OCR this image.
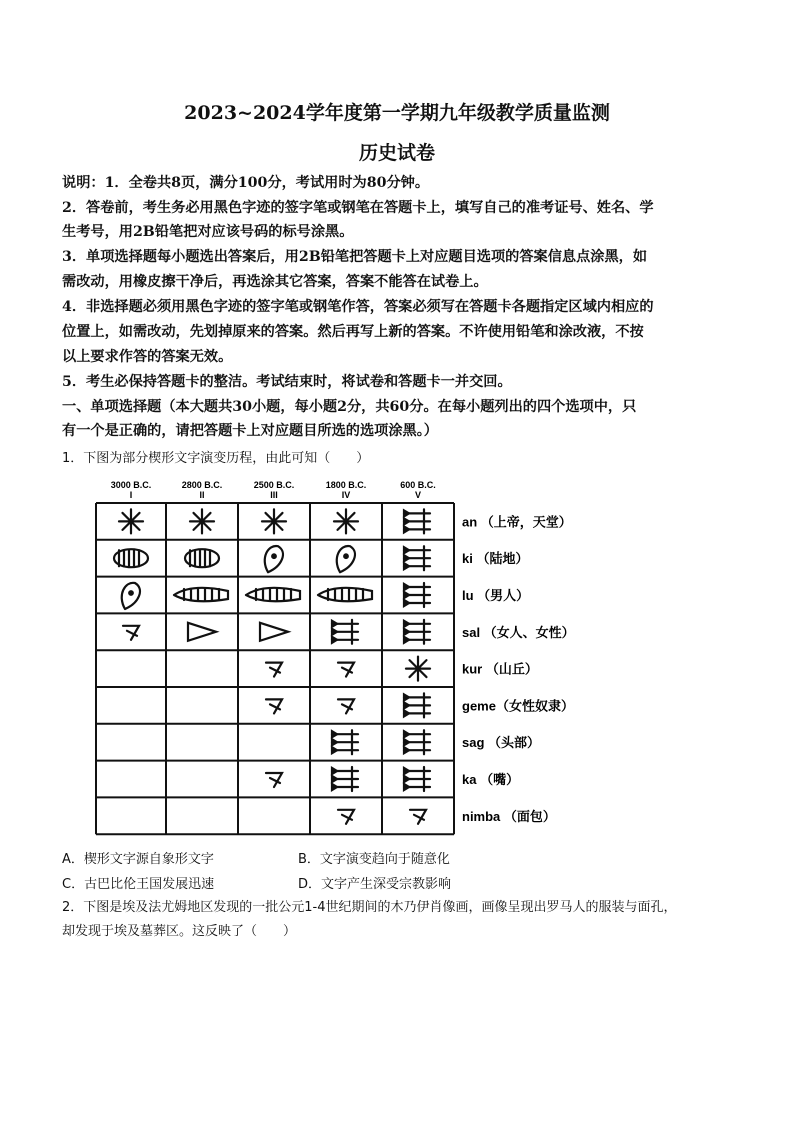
2023~2024学年度第一学期九年级教学质量监测
历史试卷
说明：1．全卷共8页，满分100分，考试用时为80分钟。
2．答卷前，考生务必用黑色字迹的签字笔或钢笔在答题卡上，填写自己的准考证号、姓名、学
生考号，用2B铅笔把对应该号码的标号涂黑。
3．单项选择题每小题选出答案后，用2B铅笔把答题卡上对应题目选项的答案信息点涂黑，如
需改动，用橡皮擦干净后，再选涂其它答案，答案不能答在试卷上。
4．非选择题必须用黑色字迹的签字笔或钢笔作答，答案必须写在答题卡各题指定区域内相应的
位置上，如需改动，先划掉原来的答案。然后再写上新的答案。不许使用铅笔和涂改液，不按
以上要求作答的答案无效。
5．考生必保持答题卡的整洁。考试结束时，将试卷和答题卡一并交回。
一、单项选择题（本大题共30小题，每小题2分，共60分。在每小题列出的四个选项中，只
有一个是正确的，请把答题卡上对应题目所选的选项涂黑。）
1．下图为部分楔形文字演变历程，由此可知（　　）
3000 B.C.
I
2800 B.C.
II
2500 B.C.
III
1800 B.C.
IV
600 B.C.
V
an （上帝，天堂）
ki （陆地）
lu （男人）
sal （女人、女性）
kur （山丘）
geme（女性奴隶）
sag （头部）
ka （嘴）
nimba （面包）
A．楔形文字源自象形文字	B．文字演变趋向于随意化
C．古巴比伦王国发展迅速	D．文字产生深受宗教影响
2．下图是埃及法尤姆地区发现的一批公元1-4世纪期间的木乃伊肖像画，画像呈现出罗马人的服装与面孔，
却发现于埃及墓葬区。这反映了（　　）
